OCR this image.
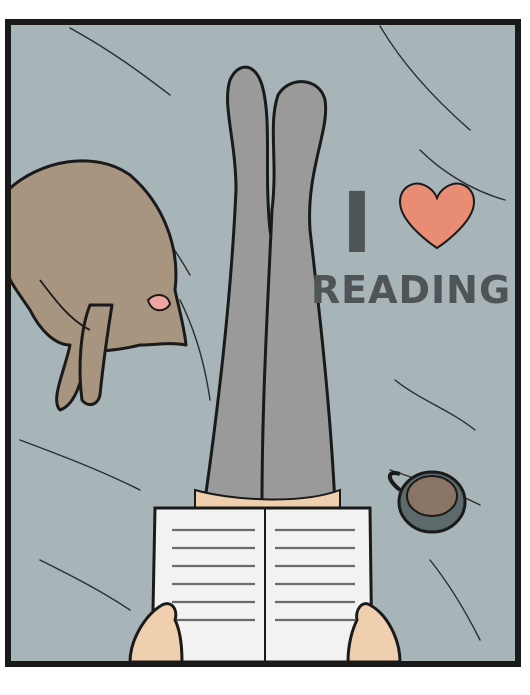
I
READING
